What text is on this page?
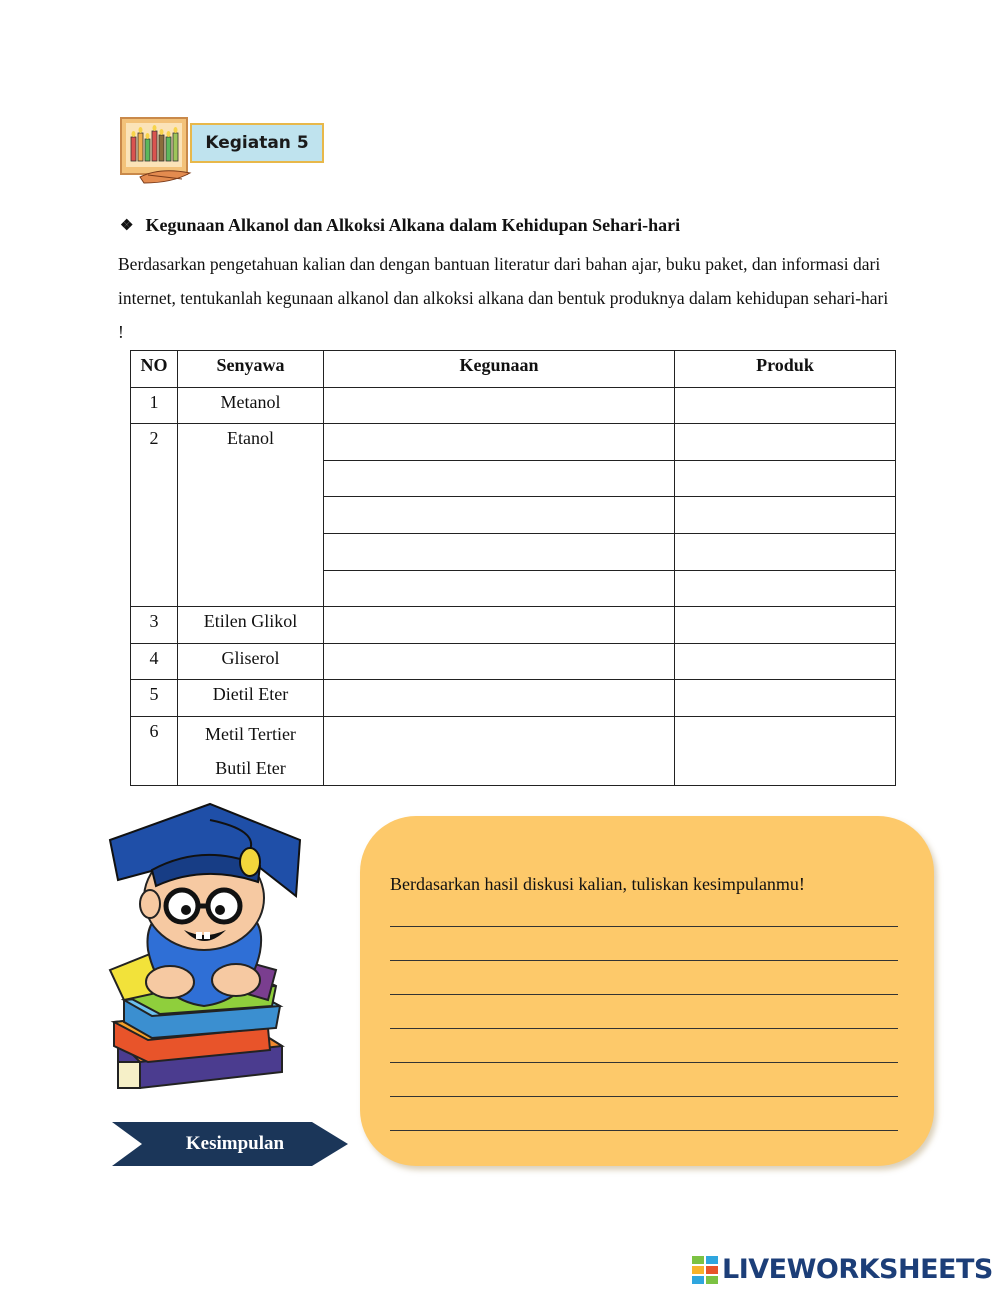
Kegiatan 5
❖ Kegunaan Alkanol dan Alkoksi Alkana dalam Kehidupan Sehari-hari
Berdasarkan pengetahuan kalian dan dengan bantuan literatur dari bahan ajar, buku paket, dan informasi dari internet, tentukanlah kegunaan alkanol dan alkoksi alkana dan bentuk produknya dalam kehidupan sehari-hari !
NO	Senyawa	Kegunaan	Produk
1	Metanol		
2	Etanol		

3	Etilen Glikol		
4	Gliserol		
5	Dietil Eter		
6	Metil Tertier
Butil Eter		

Kesimpulan
Berdasarkan hasil diskusi kalian, tuliskan kesimpulanmu!
LIVEWORKSHEETS
